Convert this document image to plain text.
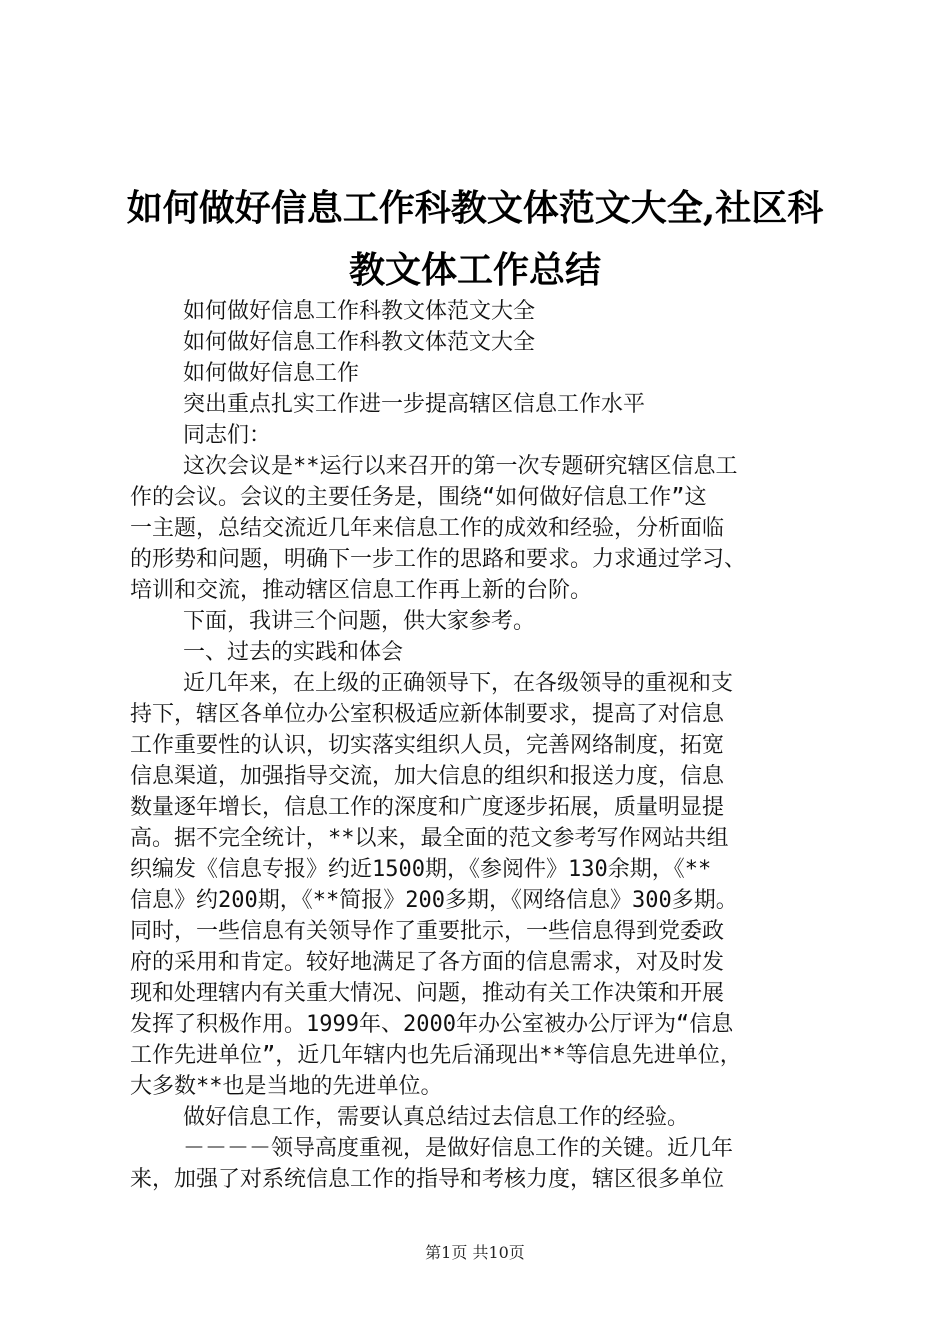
如何做好信息工作科教文体范文大全,社区科
教文体工作总结
如何做好信息工作科教文体范文大全
如何做好信息工作科教文体范文大全
如何做好信息工作
突出重点扎实工作进一步提高辖区信息工作水平
同志们：
这次会议是**运行以来召开的第一次专题研究辖区信息工
作的会议。会议的主要任务是，围绕“如何做好信息工作”这
一主题，总结交流近几年来信息工作的成效和经验，分析面临
的形势和问题，明确下一步工作的思路和要求。力求通过学习、
培训和交流，推动辖区信息工作再上新的台阶。
下面，我讲三个问题，供大家参考。
一、过去的实践和体会
近几年来，在上级的正确领导下，在各级领导的重视和支
持下，辖区各单位办公室积极适应新体制要求，提高了对信息
工作重要性的认识，切实落实组织人员，完善网络制度，拓宽
信息渠道，加强指导交流，加大信息的组织和报送力度，信息
数量逐年增长，信息工作的深度和广度逐步拓展，质量明显提
高。据不完全统计，**以来，最全面的范文参考写作网站共组
织编发《信息专报》约近1500期，《参阅件》130余期，《**
信息》约200期，《**简报》200多期，《网络信息》300多期。
同时，一些信息有关领导作了重要批示，一些信息得到党委政
府的采用和肯定。较好地满足了各方面的信息需求，对及时发
现和处理辖内有关重大情况、问题，推动有关工作决策和开展
发挥了积极作用。1999年、2000年办公室被办公厅评为“信息
工作先进单位”，近几年辖内也先后涌现出**等信息先进单位，
大多数**也是当地的先进单位。
做好信息工作，需要认真总结过去信息工作的经验。
－－－－领导高度重视，是做好信息工作的关键。近几年
来，加强了对系统信息工作的指导和考核力度，辖区很多单位
第1页 共10页
